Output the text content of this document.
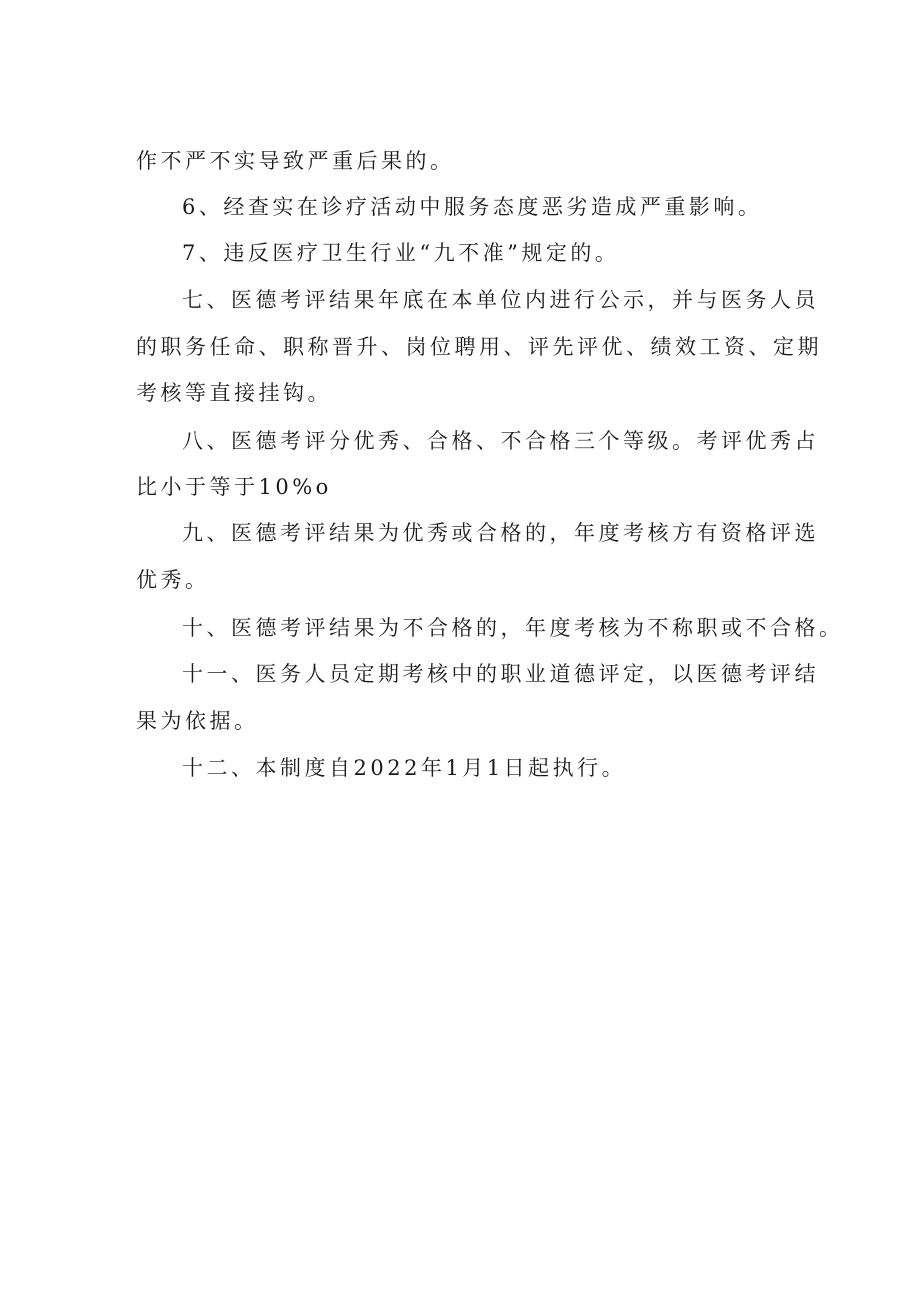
作不严不实导致严重后果的。
6、经查实在诊疗活动中服务态度恶劣造成严重影响。
7、违反医疗卫生行业“九不准”规定的。
七、医德考评结果年底在本单位内进行公示，并与医务人员
的职务任命、职称晋升、岗位聘用、评先评优、绩效工资、定期
考核等直接挂钩。
八、医德考评分优秀、合格、不合格三个等级。考评优秀占
比小于等于10%o
九、医德考评结果为优秀或合格的，年度考核方有资格评选
优秀。
十、医德考评结果为不合格的，年度考核为不称职或不合格。
十一、医务人员定期考核中的职业道德评定，以医德考评结
果为依据。
十二、本制度自2022年1月1日起执行。
